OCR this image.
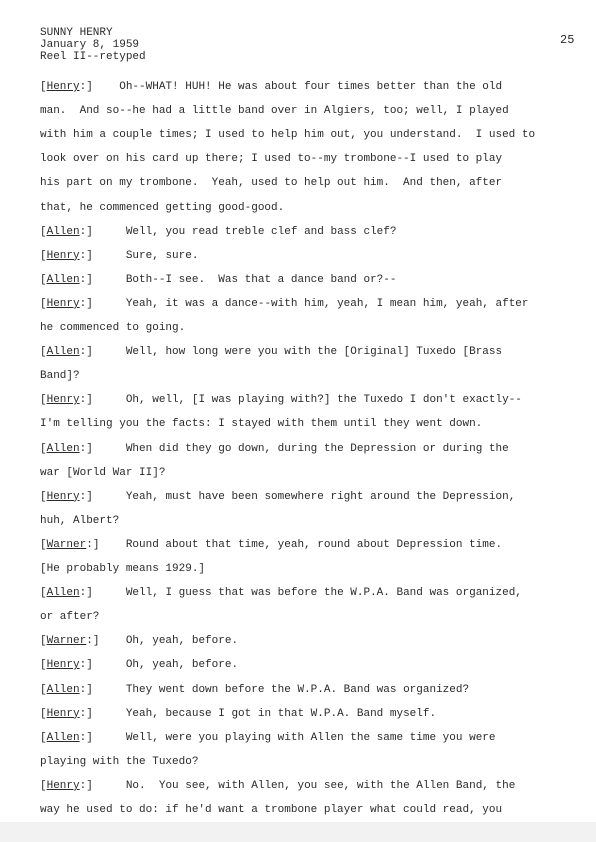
SUNNY HENRY
January 8, 1959
Reel II--retyped
25
[Henry:]    Oh--WHAT! HUH! He was about four times better than the old
man.  And so--he had a little band over in Algiers, too; well, I played
with him a couple times; I used to help him out, you understand.  I used to
look over on his card up there; I used to--my trombone--I used to play
his part on my trombone.  Yeah, used to help out him.  And then, after
that, he commenced getting good-good.
[Allen:]     Well, you read treble clef and bass clef?
[Henry:]     Sure, sure.
[Allen:]     Both--I see.  Was that a dance band or?--
[Henry:]     Yeah, it was a dance--with him, yeah, I mean him, yeah, after
he commenced to going.
[Allen:]     Well, how long were you with the [Original] Tuxedo [Brass
Band]?
[Henry:]     Oh, well, [I was playing with?] the Tuxedo I don't exactly--
I'm telling you the facts: I stayed with them until they went down.
[Allen:]     When did they go down, during the Depression or during the
war [World War II]?
[Henry:]     Yeah, must have been somewhere right around the Depression,
huh, Albert?
[Warner:]    Round about that time, yeah, round about Depression time.
[He probably means 1929.]
[Allen:]     Well, I guess that was before the W.P.A. Band was organized,
or after?
[Warner:]    Oh, yeah, before.
[Henry:]     Oh, yeah, before.
[Allen:]     They went down before the W.P.A. Band was organized?
[Henry:]     Yeah, because I got in that W.P.A. Band myself.
[Allen:]     Well, were you playing with Allen the same time you were
playing with the Tuxedo?
[Henry:]     No.  You see, with Allen, you see, with the Allen Band, the
way he used to do: if he'd want a trombone player what could read, you
